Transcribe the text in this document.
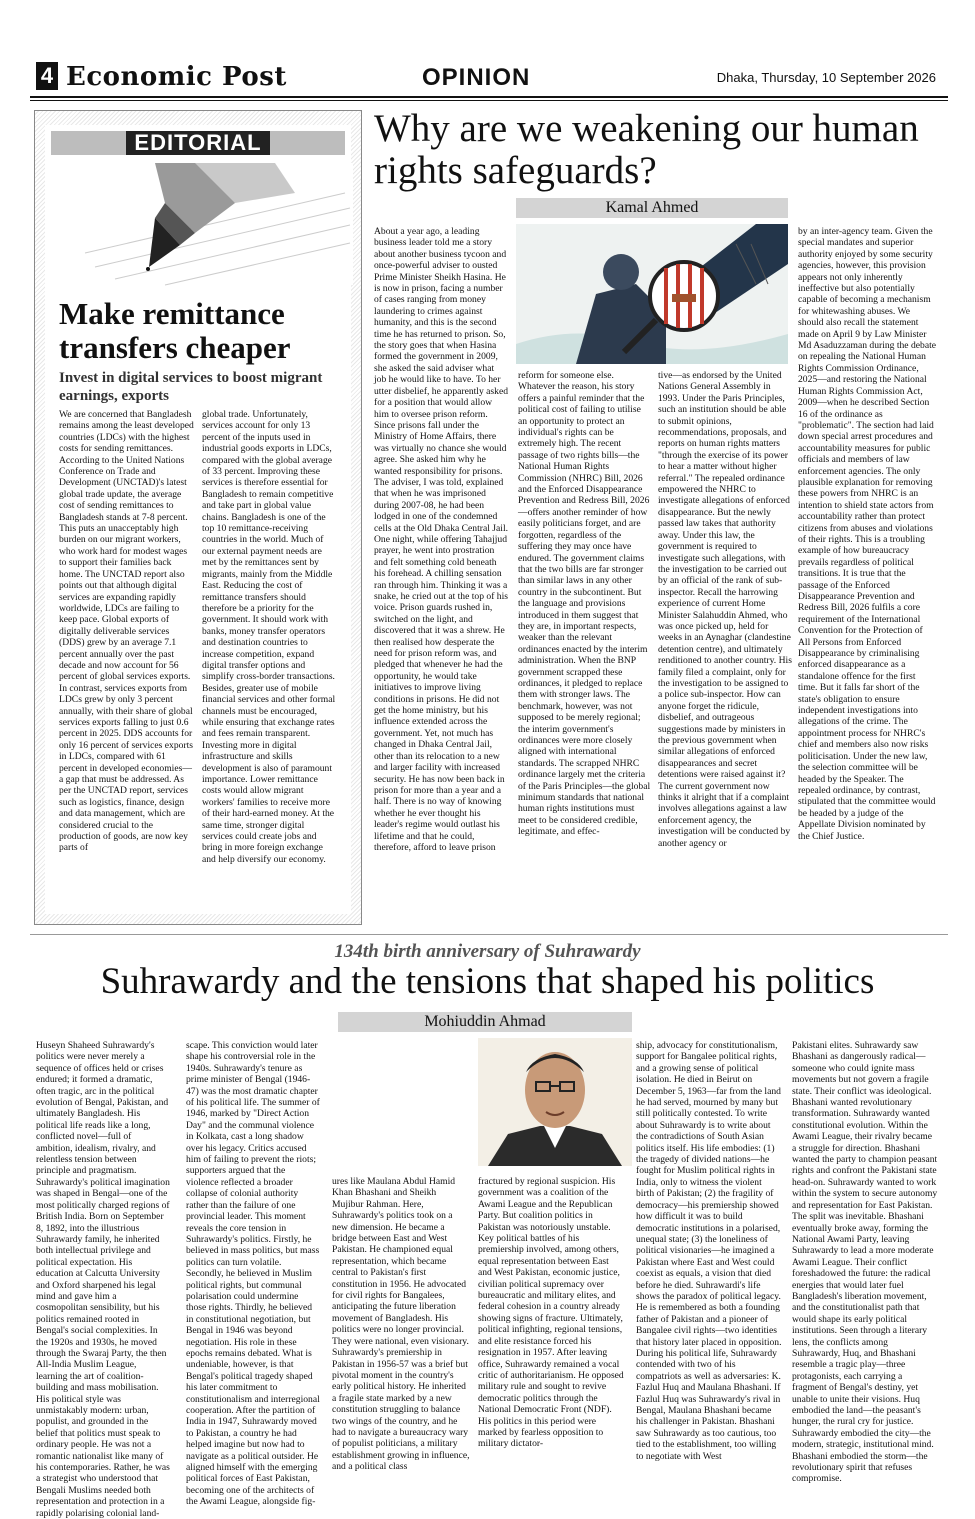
4 Economic Post	OPINION	Dhaka, Thursday, 10 September 2026
EDITORIAL
Make remittance transfers cheaper
Invest in digital services to boost migrant earnings, exports
We are concerned that Bangladesh remains among the least developed countries (LDCs) with the highest costs for sending remittances. According to the United Nations Conference on Trade and Development (UNCTAD)'s latest global trade update, the average cost of sending remittances to Bangladesh stands at 7-8 percent. This puts an unacceptably high burden on our migrant workers, who work hard for modest wages to support their families back home. The UNCTAD report also points out that although digital services are expanding rapidly worldwide, LDCs are failing to keep pace. Global exports of digitally deliverable services (DDS) grew by an average 7.1 percent annually over the past decade and now account for 56 percent of global services exports. In contrast, services exports from LDCs grew by only 3 percent annually, with their share of global services exports falling to just 0.6 percent in 2025. DDS accounts for only 16 percent of services exports in LDCs, compared with 61 percent in developed economies—a gap that must be addressed. As per the UNCTAD report, services such as logistics, finance, design and data management, which are considered crucial to the production of goods, are now key parts of
global trade. Unfortunately, services account for only 13 percent of the inputs used in industrial goods exports in LDCs, compared with the global average of 33 percent. Improving these services is therefore essential for Bangladesh to remain competitive and take part in global value chains. Bangladesh is one of the top 10 remittance-receiving countries in the world. Much of our external payment needs are met by the remittances sent by migrants, mainly from the Middle East. Reducing the cost of remittance transfers should therefore be a priority for the government. It should work with banks, money transfer operators and destination countries to increase competition, expand digital transfer options and simplify cross-border transactions. Besides, greater use of mobile financial services and other formal channels must be encouraged, while ensuring that exchange rates and fees remain transparent. Investing more in digital infrastructure and skills development is also of paramount importance. Lower remittance costs would allow migrant workers' families to receive more of their hard-earned money. At the same time, stronger digital services could create jobs and bring in more foreign exchange and help diversify our economy.
Why are we weakening our human rights safeguards?
Kamal Ahmed
About a year ago, a leading business leader told me a story about another business tycoon and once-powerful adviser to ousted Prime Minister Sheikh Hasina. He is now in prison, facing a number of cases ranging from money laundering to crimes against humanity, and this is the second time he has returned to prison. So, the story goes that when Hasina formed the government in 2009, she asked the said adviser what job he would like to have. To her utter disbelief, he apparently asked for a position that would allow him to oversee prison reform. Since prisons fall under the Ministry of Home Affairs, there was virtually no chance she would agree. She asked him why he wanted responsibility for prisons. The adviser, I was told, explained that when he was imprisoned during 2007-08, he had been lodged in one of the condemned cells at the Old Dhaka Central Jail. One night, while offering Tahajjud prayer, he went into prostration and felt something cold beneath his forehead. A chilling sensation ran through him. Thinking it was a snake, he cried out at the top of his voice. Prison guards rushed in, switched on the light, and discovered that it was a shrew. He then realised how desperate the need for prison reform was, and pledged that whenever he had the opportunity, he would take initiatives to improve living conditions in prisons. He did not get the home ministry, but his influence extended across the government. Yet, not much has changed in Dhaka Central Jail, other than its relocation to a new and larger facility with increased security. He has now been back in prison for more than a year and a half. There is no way of knowing whether he ever thought his leader's regime would outlast his lifetime and that he could, therefore, afford to leave prison
reform for someone else. Whatever the reason, his story offers a painful reminder that the political cost of failing to utilise an opportunity to protect an individual's rights can be extremely high. The recent passage of two rights bills—the National Human Rights Commission (NHRC) Bill, 2026 and the Enforced Disappearance Prevention and Redress Bill, 2026—offers another reminder of how easily politicians forget, and are forgotten, regardless of the suffering they may once have endured. The government claims that the two bills are far stronger than similar laws in any other country in the subcontinent. But the language and provisions introduced in them suggest that they are, in important respects, weaker than the relevant ordinances enacted by the interim administration. When the BNP government scrapped these ordinances, it pledged to replace them with stronger laws. The benchmark, however, was not supposed to be merely regional; the interim government's ordinances were more closely aligned with international standards. The scrapped NHRC ordinance largely met the criteria of the Paris Principles—the global minimum standards that national human rights institutions must meet to be considered credible, legitimate, and effec-
tive—as endorsed by the United Nations General Assembly in 1993. Under the Paris Principles, such an institution should be able to submit opinions, recommendations, proposals, and reports on human rights matters "through the exercise of its power to hear a matter without higher referral." The repealed ordinance empowered the NHRC to investigate allegations of enforced disappearance. But the newly passed law takes that authority away. Under this law, the government is required to investigate such allegations, with the investigation to be carried out by an official of the rank of sub-inspector. Recall the harrowing experience of current Home Minister Salahuddin Ahmed, who was once picked up, held for weeks in an Aynaghar (clandestine detention centre), and ultimately renditioned to another country. His family filed a complaint, only for the investigation to be assigned to a police sub-inspector. How can anyone forget the ridicule, disbelief, and outrageous suggestions made by ministers in the previous government when similar allegations of enforced disappearances and secret detentions were raised against it? The current government now thinks it alright that if a complaint involves allegations against a law enforcement agency, the investigation will be conducted by another agency or
by an inter-agency team. Given the special mandates and superior authority enjoyed by some security agencies, however, this provision appears not only inherently ineffective but also potentially capable of becoming a mechanism for whitewashing abuses. We should also recall the statement made on April 9 by Law Minister Md Asaduzzaman during the debate on repealing the National Human Rights Commission Ordinance, 2025—and restoring the National Human Rights Commission Act, 2009—when he described Section 16 of the ordinance as "problematic". The section had laid down special arrest procedures and accountability measures for public officials and members of law enforcement agencies. The only plausible explanation for removing these powers from NHRC is an intention to shield state actors from accountability rather than protect citizens from abuses and violations of their rights. This is a troubling example of how bureaucracy prevails regardless of political transitions. It is true that the passage of the Enforced Disappearance Prevention and Redress Bill, 2026 fulfils a core requirement of the International Convention for the Protection of All Persons from Enforced Disappearance by criminalising enforced disappearance as a standalone offence for the first time. But it falls far short of the state's obligation to ensure independent investigations into allegations of the crime. The appointment process for NHRC's chief and members also now risks politicisation. Under the new law, the selection committee will be headed by the Speaker. The repealed ordinance, by contrast, stipulated that the committee would be headed by a judge of the Appellate Division nominated by the Chief Justice.
134th birth anniversary of Suhrawardy
Suhrawardy and the tensions that shaped his politics
Mohiuddin Ahmad
Huseyn Shaheed Suhrawardy's politics were never merely a sequence of offices held or crises endured; it formed a dramatic, often tragic, arc in the political evolution of Bengal, Pakistan, and ultimately Bangladesh. His political life reads like a long, conflicted novel—full of ambition, idealism, rivalry, and relentless tension between principle and pragmatism. Suhrawardy's political imagination was shaped in Bengal—one of the most politically charged regions of British India. Born on September 8, 1892, into the illustrious Suhrawardy family, he inherited both intellectual privilege and political expectation. His education at Calcutta University and Oxford sharpened his legal mind and gave him a cosmopolitan sensibility, but his politics remained rooted in Bengal's social complexities. In the 1920s and 1930s, he moved through the Swaraj Party, the then All-India Muslim League, learning the art of coalition-building and mass mobilisation. His political style was unmistakably modern: urban, populist, and grounded in the belief that politics must speak to ordinary people. He was not a romantic nationalist like many of his contemporaries. Rather, he was a strategist who understood that Bengali Muslims needed both representation and protection in a rapidly polarising colonial land-
scape. This conviction would later shape his controversial role in the 1940s. Suhrawardy's tenure as prime minister of Bengal (1946-47) was the most dramatic chapter of his political life. The summer of 1946, marked by "Direct Action Day" and the communal violence in Kolkata, cast a long shadow over his legacy. Critics accused him of failing to prevent the riots; supporters argued that the violence reflected a broader collapse of colonial authority rather than the failure of one provincial leader. This moment reveals the core tension in Suhrawardy's politics. Firstly, he believed in mass politics, but mass politics can turn volatile. Secondly, he believed in Muslim political rights, but communal polarisation could undermine those rights. Thirdly, he believed in constitutional negotiation, but Bengal in 1946 was beyond negotiation. His role in these epochs remains debated. What is undeniable, however, is that Bengal's political tragedy shaped his later commitment to constitutionalism and interregional cooperation. After the partition of India in 1947, Suhrawardy moved to Pakistan, a country he had helped imagine but now had to navigate as a political outsider. He aligned himself with the emerging political forces of East Pakistan, becoming one of the architects of the Awami League, alongside fig-
ures like Maulana Abdul Hamid Khan Bhashani and Sheikh Mujibur Rahman. Here, Suhrawardy's politics took on a new dimension. He became a bridge between East and West Pakistan. He championed equal representation, which became central to Pakistan's first constitution in 1956. He advocated for civil rights for Bangalees, anticipating the future liberation movement of Bangladesh. His politics were no longer provincial. They were national, even visionary. Suhrawardy's premiership in Pakistan in 1956-57 was a brief but pivotal moment in the country's early political history. He inherited a fragile state marked by a new constitution struggling to balance two wings of the country, and he had to navigate a bureaucracy wary of populist politicians, a military establishment growing in influence, and a political class
fractured by regional suspicion. His government was a coalition of the Awami League and the Republican Party. But coalition politics in Pakistan was notoriously unstable. Key political battles of his premiership involved, among others, equal representation between East and West Pakistan, economic justice, civilian political supremacy over bureaucratic and military elites, and federal cohesion in a country already showing signs of fracture. Ultimately, political infighting, regional tensions, and elite resistance forced his resignation in 1957. After leaving office, Suhrawardy remained a vocal critic of authoritarianism. He opposed military rule and sought to revive democratic politics through the National Democratic Front (NDF). His politics in this period were marked by fearless opposition to military dictator-
ship, advocacy for constitutionalism, support for Bangalee political rights, and a growing sense of political isolation. He died in Beirut on December 5, 1963—far from the land he had served, mourned by many but still politically contested. To write about Suhrawardy is to write about the contradictions of South Asian politics itself. His life embodies: (1) the tragedy of divided nations—he fought for Muslim political rights in India, only to witness the violent birth of Pakistan; (2) the fragility of democracy—his premiership showed how difficult it was to build democratic institutions in a polarised, unequal state; (3) the loneliness of political visionaries—he imagined a Pakistan where East and West could coexist as equals, a vision that died before he died. Suhrawardi's life shows the paradox of political legacy. He is remembered as both a founding father of Pakistan and a pioneer of Bangalee civil rights—two identities that history later placed in opposition. During his political life, Suhrawardy contended with two of his compatriots as well as adversaries: K. Fazlul Huq and Maulana Bhashani. If Fazlul Huq was Suhrawardy's rival in Bengal, Maulana Bhashani became his challenger in Pakistan. Bhashani saw Suhrawardy as too cautious, too tied to the establishment, too willing to negotiate with West
Pakistani elites. Suhrawardy saw Bhashani as dangerously radical—someone who could ignite mass movements but not govern a fragile state. Their conflict was ideological. Bhashani wanted revolutionary transformation. Suhrawardy wanted constitutional evolution. Within the Awami League, their rivalry became a struggle for direction. Bhashani wanted the party to champion peasant rights and confront the Pakistani state head-on. Suhrawardy wanted to work within the system to secure autonomy and representation for East Pakistan. The split was inevitable. Bhashani eventually broke away, forming the National Awami Party, leaving Suhrawardy to lead a more moderate Awami League. Their conflict foreshadowed the future: the radical energies that would later fuel Bangladesh's liberation movement, and the constitutionalist path that would shape its early political institutions. Seen through a literary lens, the conflicts among Suhrawardy, Huq, and Bhashani resemble a tragic play—three protagonists, each carrying a fragment of Bengal's destiny, yet unable to unite their visions. Huq embodied the land—the peasant's hunger, the rural cry for justice. Suhrawardy embodied the city—the modern, strategic, institutional mind. Bhashani embodied the storm—the revolutionary spirit that refuses compromise.
